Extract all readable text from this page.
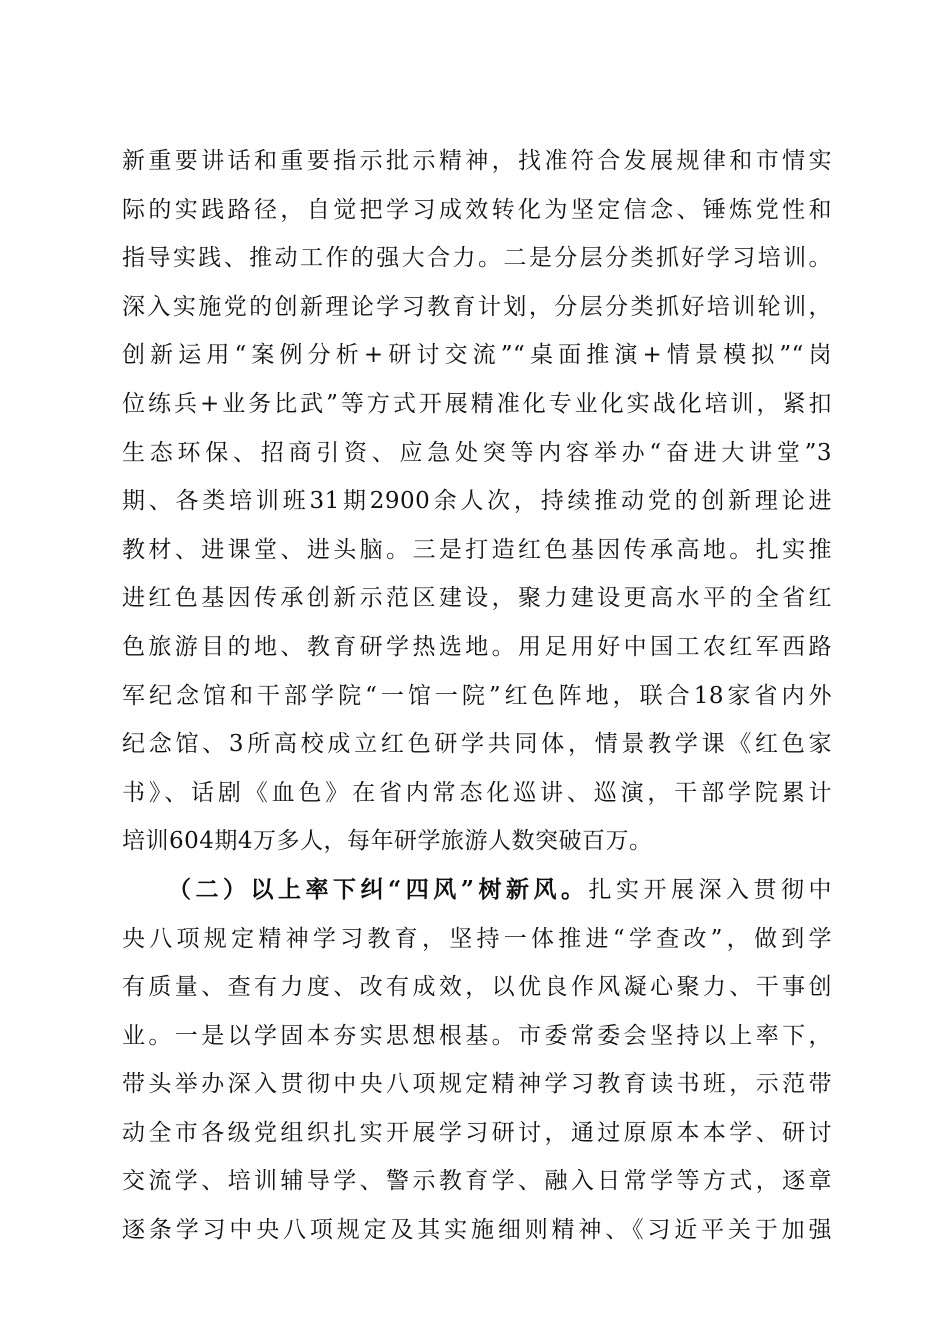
新重要讲话和重要指示批示精神，找准符合发展规律和市情实
际的实践路径，自觉把学习成效转化为坚定信念、锤炼党性和
指导实践、推动工作的强大合力。二是分层分类抓好学习培训。
深入实施党的创新理论学习教育计划，分层分类抓好培训轮训，
创新运用“案例分析+研讨交流”“桌面推演+情景模拟”“岗
位练兵+业务比武”等方式开展精准化专业化实战化培训，紧扣
生态环保、招商引资、应急处突等内容举办“奋进大讲堂”3
期、各类培训班31期2900余人次，持续推动党的创新理论进
教材、进课堂、进头脑。三是打造红色基因传承高地。扎实推
进红色基因传承创新示范区建设，聚力建设更高水平的全省红
色旅游目的地、教育研学热选地。用足用好中国工农红军西路
军纪念馆和干部学院“一馆一院”红色阵地，联合18家省内外
纪念馆、3所高校成立红色研学共同体，情景教学课《红色家
书》、话剧《血色》在省内常态化巡讲、巡演，干部学院累计
培训604期4万多人，每年研学旅游人数突破百万。
（二）以上率下纠“四风”树新风。扎实开展深入贯彻中
央八项规定精神学习教育，坚持一体推进“学查改”，做到学
有质量、查有力度、改有成效，以优良作风凝心聚力、干事创
业。一是以学固本夯实思想根基。市委常委会坚持以上率下，
带头举办深入贯彻中央八项规定精神学习教育读书班，示范带
动全市各级党组织扎实开展学习研讨，通过原原本本学、研讨
交流学、培训辅导学、警示教育学、融入日常学等方式，逐章
逐条学习中央八项规定及其实施细则精神、《习近平关于加强
